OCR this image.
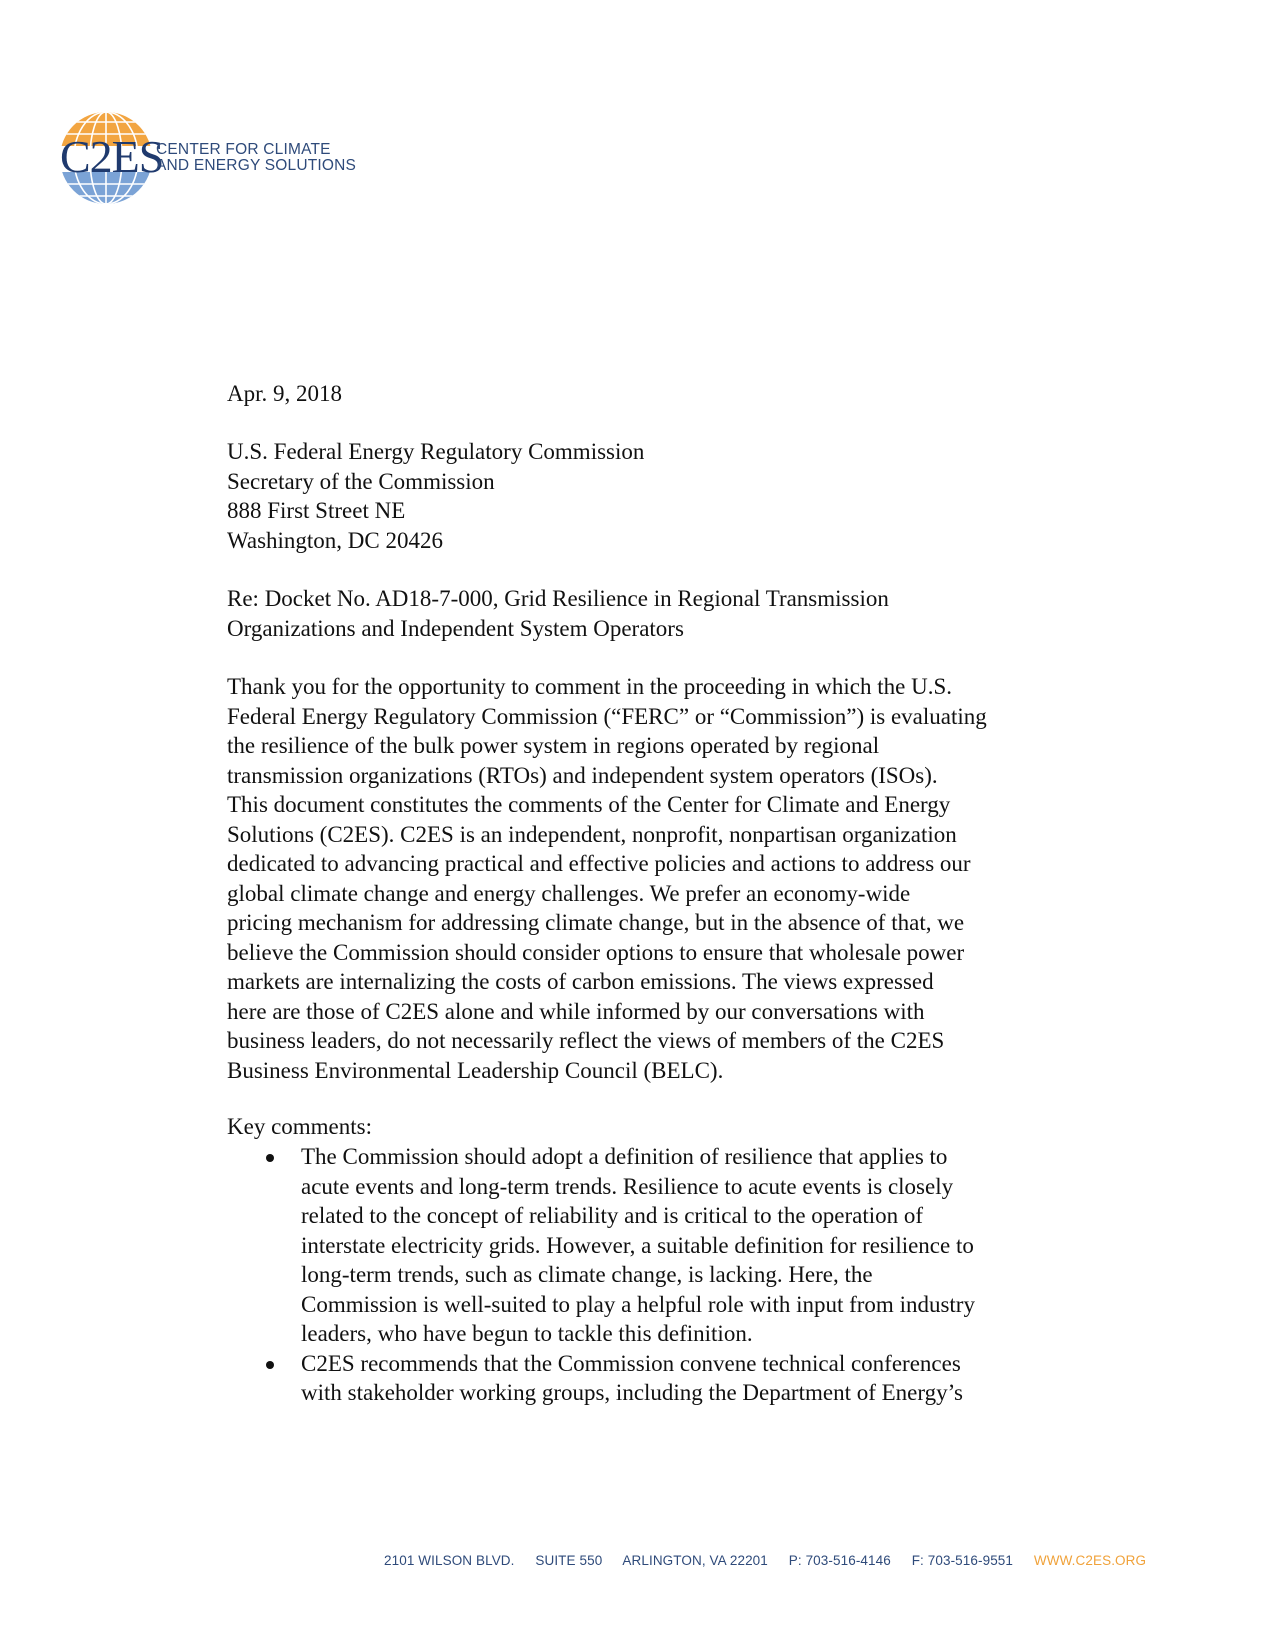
C2ES
CENTER FOR CLIMATE
AND ENERGY SOLUTIONS
Apr. 9, 2018
U.S. Federal Energy Regulatory Commission
Secretary of the Commission
888 First Street NE
Washington, DC 20426
Re: Docket No. AD18-7-000, Grid Resilience in Regional Transmission
Organizations and Independent System Operators
Thank you for the opportunity to comment in the proceeding in which the U.S.
Federal Energy Regulatory Commission (“FERC” or “Commission”) is evaluating
the resilience of the bulk power system in regions operated by regional
transmission organizations (RTOs) and independent system operators (ISOs).
This document constitutes the comments of the Center for Climate and Energy
Solutions (C2ES). C2ES is an independent, nonprofit, nonpartisan organization
dedicated to advancing practical and effective policies and actions to address our
global climate change and energy challenges. We prefer an economy-wide
pricing mechanism for addressing climate change, but in the absence of that, we
believe the Commission should consider options to ensure that wholesale power
markets are internalizing the costs of carbon emissions. The views expressed
here are those of C2ES alone and while informed by our conversations with
business leaders, do not necessarily reflect the views of members of the C2ES
Business Environmental Leadership Council (BELC).
Key comments:
The Commission should adopt a definition of resilience that applies to
acute events and long-term trends. Resilience to acute events is closely
related to the concept of reliability and is critical to the operation of
interstate electricity grids. However, a suitable definition for resilience to
long-term trends, such as climate change, is lacking. Here, the
Commission is well-suited to play a helpful role with input from industry
leaders, who have begun to tackle this definition.
C2ES recommends that the Commission convene technical conferences
with stakeholder working groups, including the Department of Energy’s
2101 WILSON BLVD. SUITE 550 ARLINGTON, VA 22201 P: 703-516-4146 F: 703-516-9551 WWW.C2ES.ORG
